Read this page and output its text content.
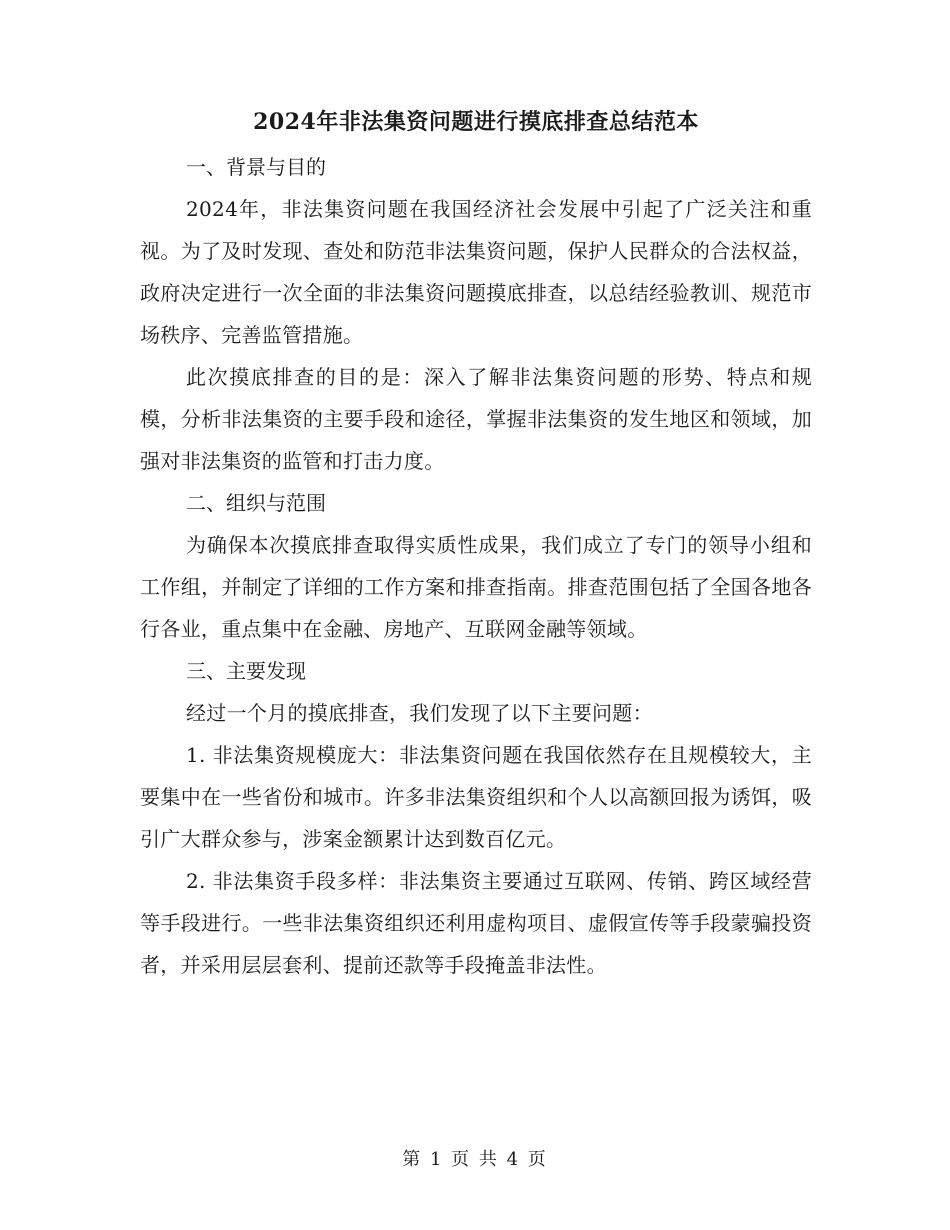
2024年非法集资问题进行摸底排查总结范本

一、背景与目的

2024年，非法集资问题在我国经济社会发展中引起了广泛关注和重视。为了及时发现、查处和防范非法集资问题，保护人民群众的合法权益，政府决定进行一次全面的非法集资问题摸底排查，以总结经验教训、规范市场秩序、完善监管措施。

此次摸底排查的目的是：深入了解非法集资问题的形势、特点和规模，分析非法集资的主要手段和途径，掌握非法集资的发生地区和领域，加强对非法集资的监管和打击力度。

二、组织与范围

为确保本次摸底排查取得实质性成果，我们成立了专门的领导小组和工作组，并制定了详细的工作方案和排查指南。排查范围包括了全国各地各行各业，重点集中在金融、房地产、互联网金融等领域。

三、主要发现

经过一个月的摸底排查，我们发现了以下主要问题：

1. 非法集资规模庞大：非法集资问题在我国依然存在且规模较大，主要集中在一些省份和城市。许多非法集资组织和个人以高额回报为诱饵，吸引广大群众参与，涉案金额累计达到数百亿元。

2. 非法集资手段多样：非法集资主要通过互联网、传销、跨区域经营等手段进行。一些非法集资组织还利用虚构项目、虚假宣传等手段蒙骗投资者，并采用层层套利、提前还款等手段掩盖非法性。

第 1 页 共 4 页
